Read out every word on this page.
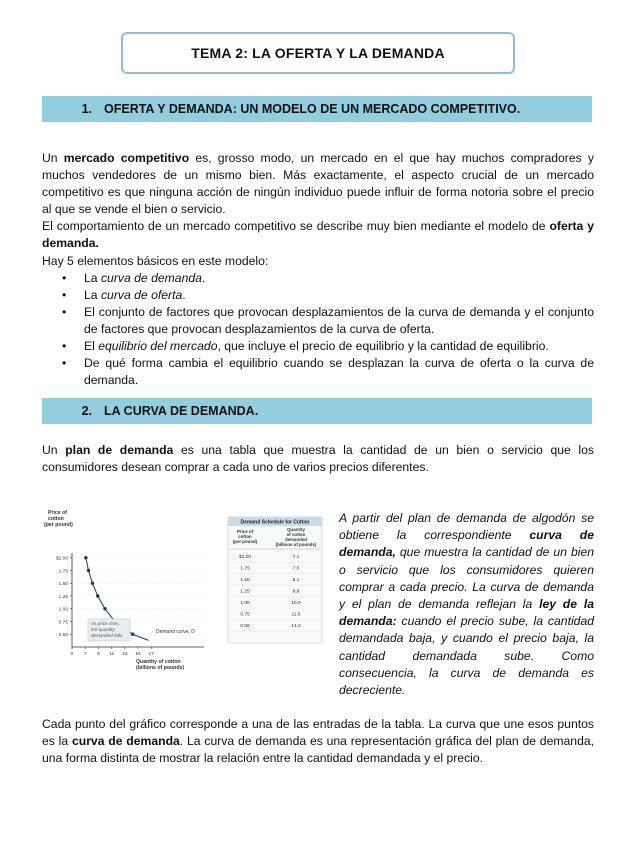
TEMA 2: LA OFERTA Y LA DEMANDA
1. OFERTA Y DEMANDA: UN MODELO DE UN MERCADO COMPETITIVO.

Un mercado competitivo es, grosso modo, un mercado en el que hay muchos compradores y muchos vendedores de un mismo bien. Más exactamente, el aspecto crucial de un mercado competitivo es que ninguna acción de ningún individuo puede influir de forma notoria sobre el precio al que se vende el bien o servicio.

El comportamiento de un mercado competitivo se describe muy bien mediante el modelo de oferta y demanda.

Hay 5 elementos básicos en este modelo:

• La curva de demanda.
• La curva de oferta.
• El conjunto de factores que provocan desplazamientos de la curva de demanda y el conjunto de factores que provocan desplazamientos de la curva de oferta.
• El equilibrio del mercado, que incluye el precio de equilibrio y la cantidad de equilibrio.
• De qué forma cambia el equilibrio cuando se desplazan la curva de oferta o la curva de demanda.
2. LA CURVA DE DEMANDA.

Un plan de demanda es una tabla que muestra la cantidad de un bien o servicio que los consumidores desean comprar a cada uno de varios precios diferentes.

Price of
cotton
(per pound)
$2.00
1.75
1.50
1.25
1.00
0.75
0.50
0 7 9 11 13 15 17
Quantity of cotton
(billions of pounds)
As price rises,
the quantity
demanded falls.
Demand curve, D
Demand Schedule for Cotton
Price of
cotton
(per pound)
Quantity
of cotton
demanded
(billions of pounds)
$2.00	7.1
1.75	7.5
1.50	8.1
1.25	8.9
1.00	10.0
0.75	11.5
0.50	14.2

A partir del plan de demanda de algodón se obtiene la correspondiente curva de demanda, que muestra la cantidad de un bien o servicio que los consumidores quieren comprar a cada precio. La curva de demanda y el plan de demanda reflejan la ley de la demanda: cuando el precio sube, la cantidad demandada baja, y cuando el precio baja, la cantidad demandada sube. Como consecuencia, la curva de demanda es decreciente.

Cada punto del gráfico corresponde a una de las entradas de la tabla. La curva que une esos puntos es la curva de demanda. La curva de demanda es una representación gráfica del plan de demanda, una forma distinta de mostrar la relación entre la cantidad demandada y el precio.
